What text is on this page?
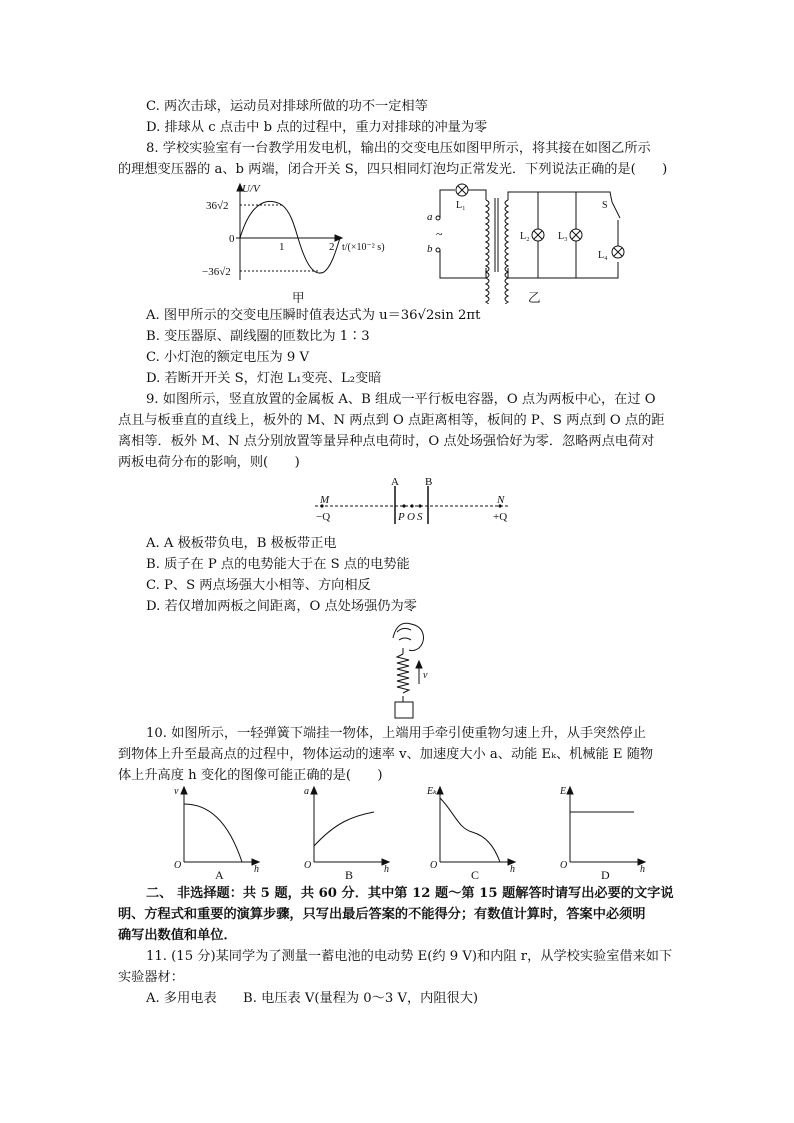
C. 两次击球，运动员对排球所做的功不一定相等
D. 排球从 c 点击中 b 点的过程中，重力对排球的冲量为零
8. 学校实验室有一台教学用发电机，输出的交变电压如图甲所示，将其接在如图乙所示
的理想变压器的 a、b 两端，闭合开关 S，四只相同灯泡均正常发光．下列说法正确的是(　　)
U/V
36√2
−36√2
0
1	2 t/(×10⁻² s)
a
~
b
L₁
L₂	L₃
L₄
S
甲	乙
A. 图甲所示的交变电压瞬时值表达式为 u＝36√2sin 2πt
B. 变压器原、副线圈的匝数比为 1∶3
C. 小灯泡的额定电压为 9 V
D. 若断开开关 S，灯泡 L₁变亮、L₂变暗
9. 如图所示，竖直放置的金属板 A、B 组成一平行板电容器，O 点为两板中心，在过 O
点且与板垂直的直线上，板外的 M、N 两点到 O 点距离相等，板间的 P、S 两点到 O 点的距
离相等．板外 M、N 点分别放置等量异种点电荷时，O 点处场强恰好为零．忽略两点电荷对
两板电荷分布的影响，则(　　)
A B
M
−Q
N
+Q
P O S
A. A 极板带负电，B 极板带正电
B. 质子在 P 点的电势能大于在 S 点的电势能
C. P、S 两点场强大小相等、方向相反
D. 若仅增加两板之间距离，O 点处场强仍为零
v
10. 如图所示，一轻弹簧下端挂一物体，上端用手牵引使重物匀速上升，从手突然停止
到物体上升至最高点的过程中，物体运动的速率 v、加速度大小 a、动能 Eₖ、机械能 E 随物
体上升高度 h 变化的图像可能正确的是(　　)
v	a	Eₖ	E
O	O	O	O
h	h	h	h
A	B	C	D
二、 非选择题：共 5 题，共 60 分．其中第 12 题～第 15 题解答时请写出必要的文字说
明、方程式和重要的演算步骤，只写出最后答案的不能得分；有数值计算时，答案中必须明
确写出数值和单位．
11. (15 分)某同学为了测量一蓄电池的电动势 E(约 9 V)和内阻 r，从学校实验室借来如下
实验器材：
A. 多用电表　　B. 电压表 V(量程为 0～3 V，内阻很大)
